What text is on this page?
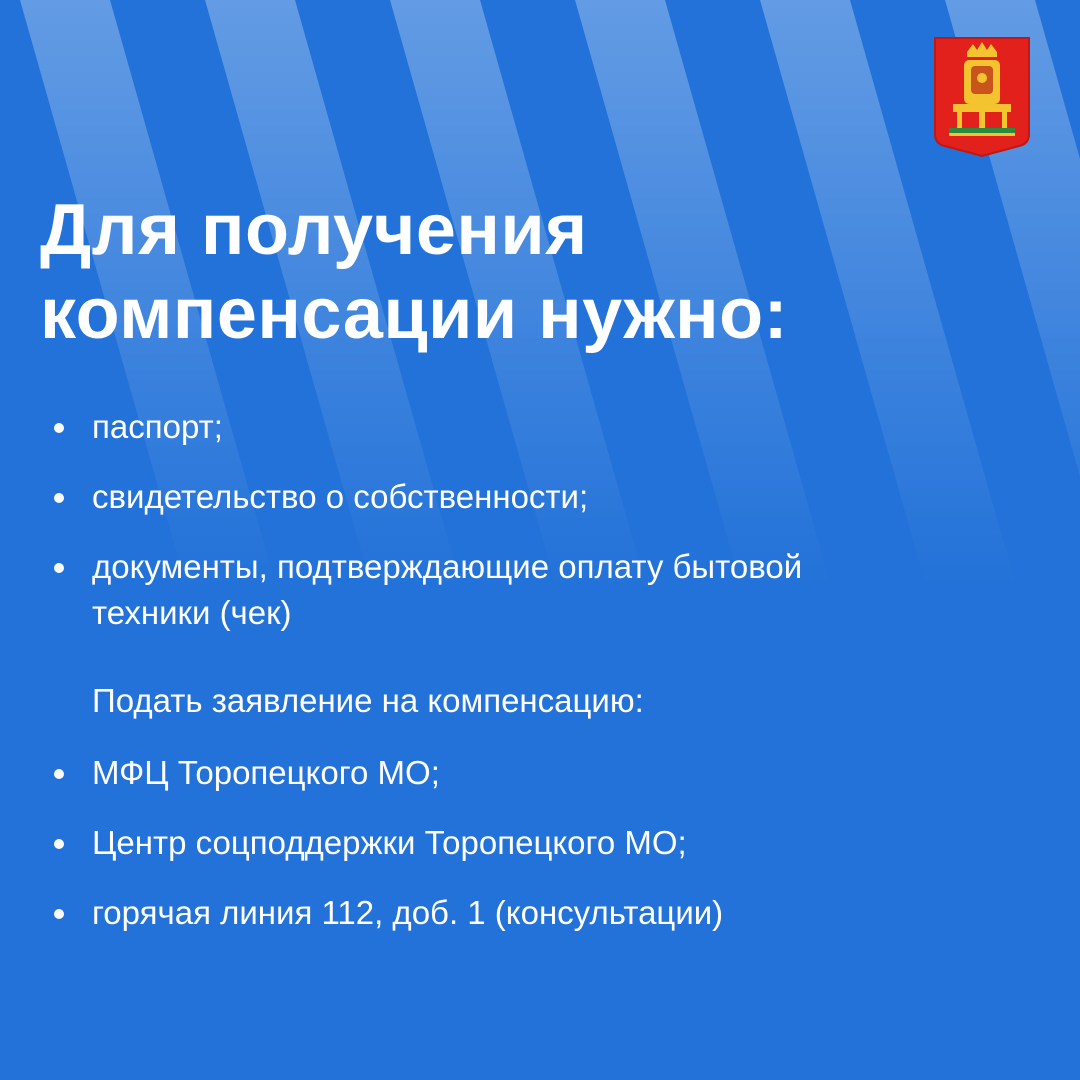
Для получения
компенсации нужно:
паспорт;
свидетельство о собственности;
документы, подтверждающие оплату бытовой
техники (чек)

Подать заявление на компенсацию:

МФЦ Торопецкого МО;
Центр соцподдержки Торопецкого МО;
горячая линия 112, доб. 1 (консультации)
